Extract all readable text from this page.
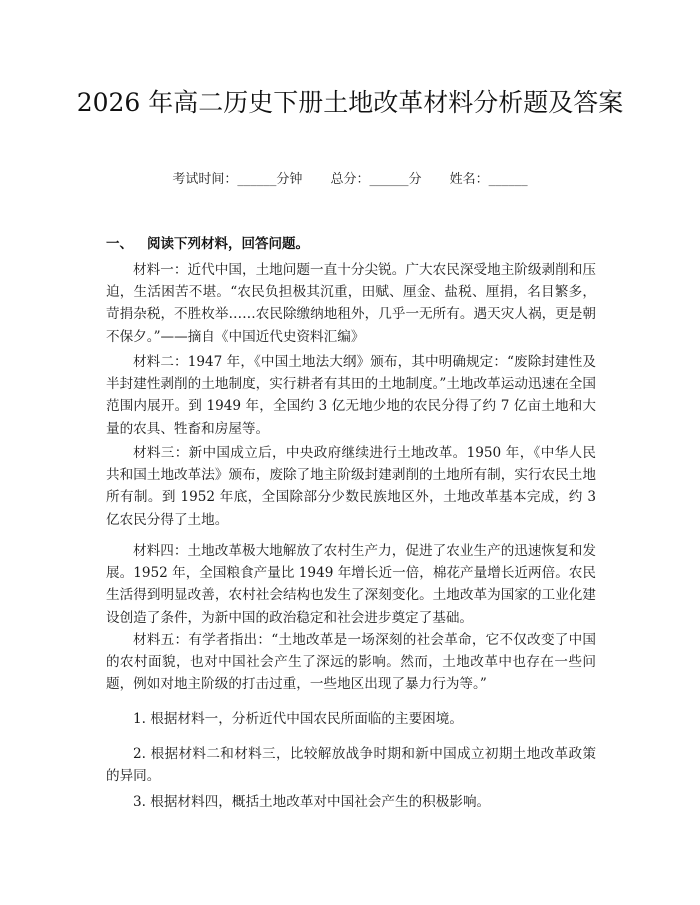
2026 年高二历史下册土地改革材料分析题及答案
考试时间：______分钟 总分：______分 姓名：______
一、 阅读下列材料，回答问题。

材料一：近代中国，土地问题一直十分尖锐。广大农民深受地主阶级剥削和压迫，生活困苦不堪。“农民负担极其沉重，田赋、厘金、盐税、厘捐，名目繁多，苛捐杂税，不胜枚举……农民除缴纳地租外，几乎一无所有。遇天灾人祸，更是朝不保夕。”——摘自《中国近代史资料汇编》

材料二：1947 年，《中国土地法大纲》颁布，其中明确规定：“废除封建性及半封建性剥削的土地制度，实行耕者有其田的土地制度。”土地改革运动迅速在全国范围内展开。到 1949 年，全国约 3 亿无地少地的农民分得了约 7 亿亩土地和大量的农具、牲畜和房屋等。

材料三：新中国成立后，中央政府继续进行土地改革。1950 年，《中华人民共和国土地改革法》颁布，废除了地主阶级封建剥削的土地所有制，实行农民土地所有制。到 1952 年底，全国除部分少数民族地区外，土地改革基本完成，约 3 亿农民分得了土地。

材料四：土地改革极大地解放了农村生产力，促进了农业生产的迅速恢复和发展。1952 年，全国粮食产量比 1949 年增长近一倍，棉花产量增长近两倍。农民生活得到明显改善，农村社会结构也发生了深刻变化。土地改革为国家的工业化建设创造了条件，为新中国的政治稳定和社会进步奠定了基础。

材料五：有学者指出：“土地改革是一场深刻的社会革命，它不仅改变了中国的农村面貌，也对中国社会产生了深远的影响。然而，土地改革中也存在一些问题，例如对地主阶级的打击过重，一些地区出现了暴力行为等。”

1. 根据材料一，分析近代中国农民所面临的主要困境。

2. 根据材料二和材料三，比较解放战争时期和新中国成立初期土地改革政策的异同。

3. 根据材料四，概括土地改革对中国社会产生的积极影响。
